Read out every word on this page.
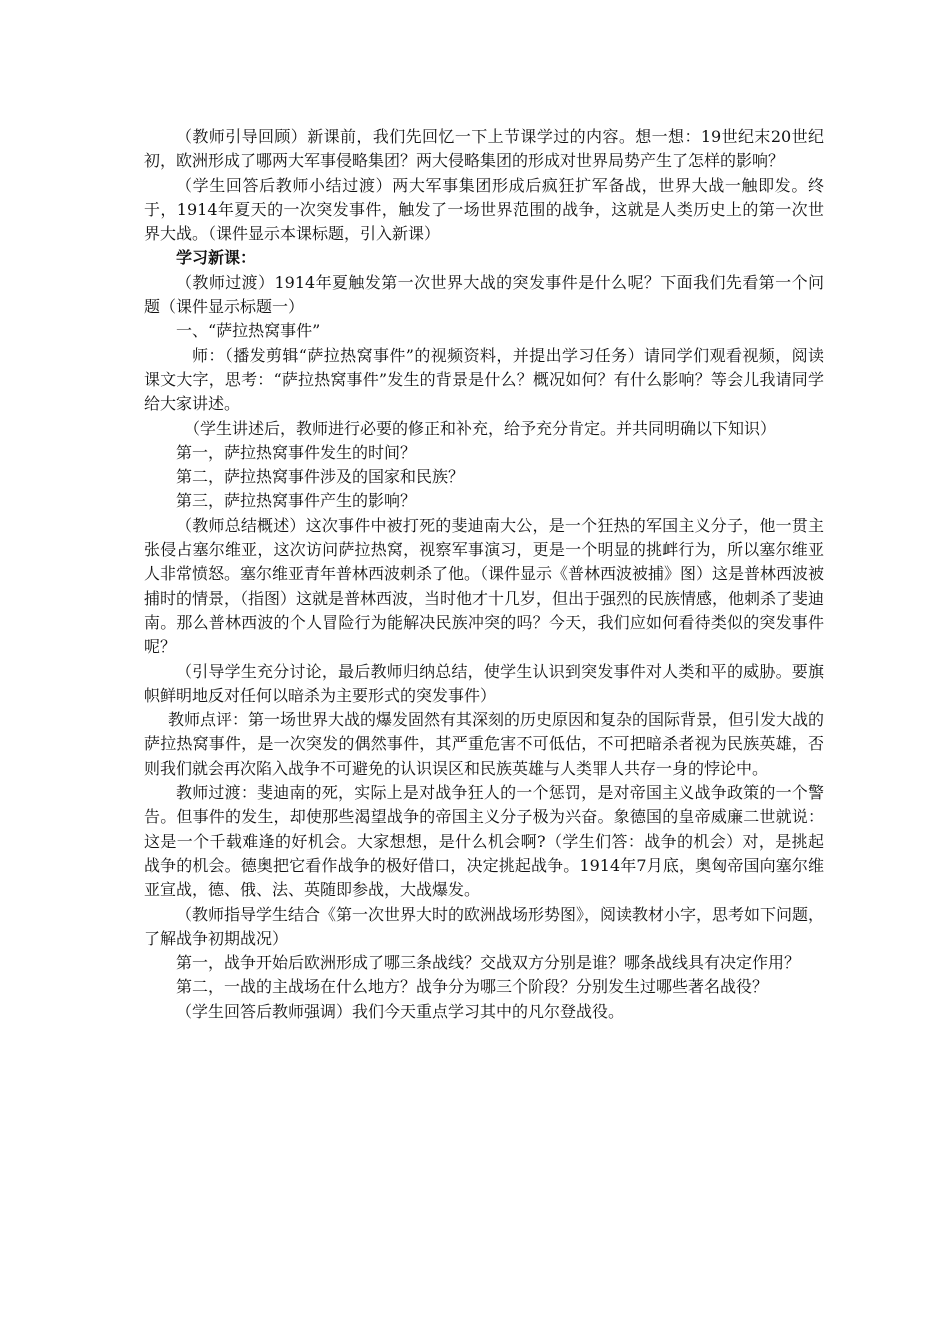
（教师引导回顾）新课前，我们先回忆一下上节课学过的内容。想一想：19世纪末20世纪初，欧洲形成了哪两大军事侵略集团？两大侵略集团的形成对世界局势产生了怎样的影响？

（学生回答后教师小结过渡）两大军事集团形成后疯狂扩军备战，世界大战一触即发。终于，1914年夏天的一次突发事件，触发了一场世界范围的战争，这就是人类历史上的第一次世界大战。（课件显示本课标题，引入新课）

学习新课：

（教师过渡）1914年夏触发第一次世界大战的突发事件是什么呢？下面我们先看第一个问题（课件显示标题一）

一、“萨拉热窝事件”

师：（播发剪辑“萨拉热窝事件”的视频资料，并提出学习任务）请同学们观看视频，阅读课文大字，思考：“萨拉热窝事件”发生的背景是什么？概况如何？有什么影响？等会儿我请同学给大家讲述。

（学生讲述后，教师进行必要的修正和补充，给予充分肯定。并共同明确以下知识）

第一，萨拉热窝事件发生的时间？

第二，萨拉热窝事件涉及的国家和民族？

第三，萨拉热窝事件产生的影响？

（教师总结概述）这次事件中被打死的斐迪南大公，是一个狂热的军国主义分子，他一贯主张侵占塞尔维亚，这次访问萨拉热窝，视察军事演习，更是一个明显的挑衅行为，所以塞尔维亚人非常愤怒。塞尔维亚青年普林西波刺杀了他。（课件显示《普林西波被捕》图）这是普林西波被捕时的情景，（指图）这就是普林西波，当时他才十几岁，但出于强烈的民族情感，他刺杀了斐迪南。那么普林西波的个人冒险行为能解决民族冲突的吗？今天，我们应如何看待类似的突发事件呢？

（引导学生充分讨论，最后教师归纳总结，使学生认识到突发事件对人类和平的威胁。要旗帜鲜明地反对任何以暗杀为主要形式的突发事件）

教师点评：第一场世界大战的爆发固然有其深刻的历史原因和复杂的国际背景，但引发大战的萨拉热窝事件，是一次突发的偶然事件，其严重危害不可低估，不可把暗杀者视为民族英雄，否则我们就会再次陷入战争不可避免的认识误区和民族英雄与人类罪人共存一身的悖论中。

教师过渡：斐迪南的死，实际上是对战争狂人的一个惩罚，是对帝国主义战争政策的一个警告。但事件的发生，却使那些渴望战争的帝国主义分子极为兴奋。象德国的皇帝威廉二世就说：这是一个千载难逢的好机会。大家想想，是什么机会啊?（学生们答：战争的机会）对，是挑起战争的机会。德奥把它看作战争的极好借口，决定挑起战争。1914年7月底，奥匈帝国向塞尔维亚宣战，德、俄、法、英随即参战，大战爆发。

（教师指导学生结合《第一次世界大时的欧洲战场形势图》，阅读教材小字，思考如下问题，了解战争初期战况）

第一，战争开始后欧洲形成了哪三条战线？交战双方分别是谁？哪条战线具有决定作用？

第二，一战的主战场在什么地方？战争分为哪三个阶段？分别发生过哪些著名战役？

（学生回答后教师强调）我们今天重点学习其中的凡尔登战役。
